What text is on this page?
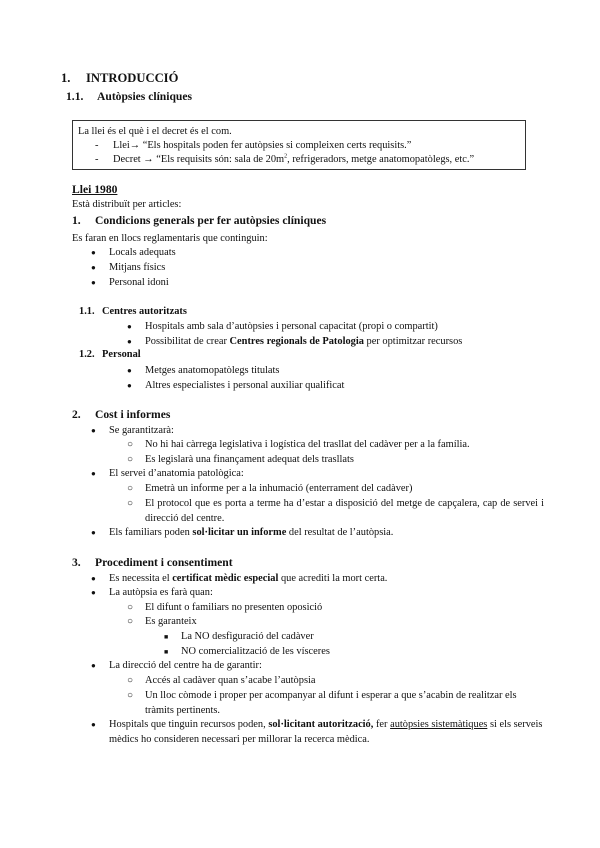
1. INTRODUCCIÓ
1.1. Autòpsies clíniques
La llei és el què i el decret és el com.
- Llei→ “Els hospitals poden fer autòpsies si compleixen certs requisits.”
- Decret → “Els requisits són: sala de $20m^2$, refrigeradors, metge anatomopatòlegs, etc.”
Llei 1980
Està distribuït per articles:
1. Condicions generals per fer autòpsies clíniques
Es faran en llocs reglamentaris que continguin:
● Locals adequats
● Mitjans físics
● Personal idoni
1.1. Centres autoritzats
● Hospitals amb sala d’autòpsies i personal capacitat (propi o compartit)
● Possibilitat de crear Centres regionals de Patologia per optimitzar recursos
1.2. Personal
● Metges anatomopatòlegs titulats
● Altres especialistes i personal auxiliar qualificat
2. Cost i informes
● Se garantitzarà:
○ No hi hai càrrega legislativa i logística del trasllat del cadàver per a la família.
○ Es legislarà una finançament adequat dels trasllats
● El servei d’anatomia patològica:
○ Emetrà un informe per a la inhumació (enterrament del cadàver)
○ El protocol que es porta a terme ha d’estar a disposició del metge de capçalera, cap de servei i direcció del centre.
● Els familiars poden sol·licitar un informe del resultat de l’autòpsia.
3. Procediment i consentiment
● Es necessita el certificat mèdic especial que acrediti la mort certa.
● La autòpsia es farà quan:
○ El difunt o familiars no presenten oposició
○ Es garanteix
■ La NO desfiguració del cadàver
■ NO comercialització de les vísceres
● La direcció del centre ha de garantir:
○ Accés al cadàver quan s’acabe l’autòpsia
○ Un lloc còmode i proper per acompanyar al difunt i esperar a que s’acabin de realitzar els tràmits pertinents.
● Hospitals que tinguin recursos poden, sol·licitant autorització, fer autòpsies sistemàtiques si els serveis mèdics ho consideren necessari per millorar la recerca mèdica.
